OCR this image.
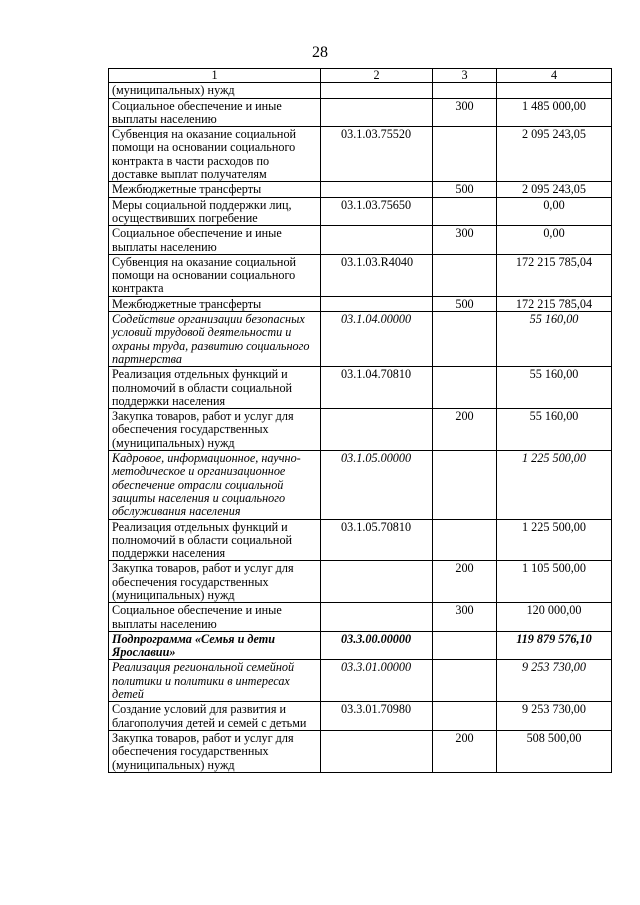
28
1	2	3	4
(муниципальных) нужд			
Социальное обеспечение и иные выплаты населению		300	1 485 000,00
Субвенция на оказание социальной помощи на основании социального контракта в части расходов по доставке выплат получателям	03.1.03.75520		2 095 243,05
Межбюджетные трансферты		500	2 095 243,05
Меры социальной поддержки лиц, осуществивших погребение	03.1.03.75650		0,00
Социальное обеспечение и иные выплаты населению		300	0,00
Субвенция на оказание социальной помощи на основании социального контракта	03.1.03.R4040		172 215 785,04
Межбюджетные трансферты		500	172 215 785,04
Содействие организации безопасных условий трудовой деятельности и охраны труда, развитию социального партнерства	03.1.04.00000		55 160,00
Реализация отдельных функций и полномочий в области социальной поддержки населения	03.1.04.70810		55 160,00
Закупка товаров, работ и услуг для обеспечения государственных (муниципальных) нужд		200	55 160,00
Кадровое, информационное, научно-методическое и организационное обеспечение отрасли социальной защиты населения и социального обслуживания населения	03.1.05.00000		1 225 500,00
Реализация отдельных функций и полномочий в области социальной поддержки населения	03.1.05.70810		1 225 500,00
Закупка товаров, работ и услуг для обеспечения государственных (муниципальных) нужд		200	1 105 500,00
Социальное обеспечение и иные выплаты населению		300	120 000,00
Подпрограмма «Семья и дети Ярославии»	03.3.00.00000		119 879 576,10
Реализация региональной семейной политики и политики в интересах детей	03.3.01.00000		9 253 730,00
Создание условий для развития и благополучия детей и семей с детьми	03.3.01.70980		9 253 730,00
Закупка товаров, работ и услуг для обеспечения государственных (муниципальных) нужд		200	508 500,00
